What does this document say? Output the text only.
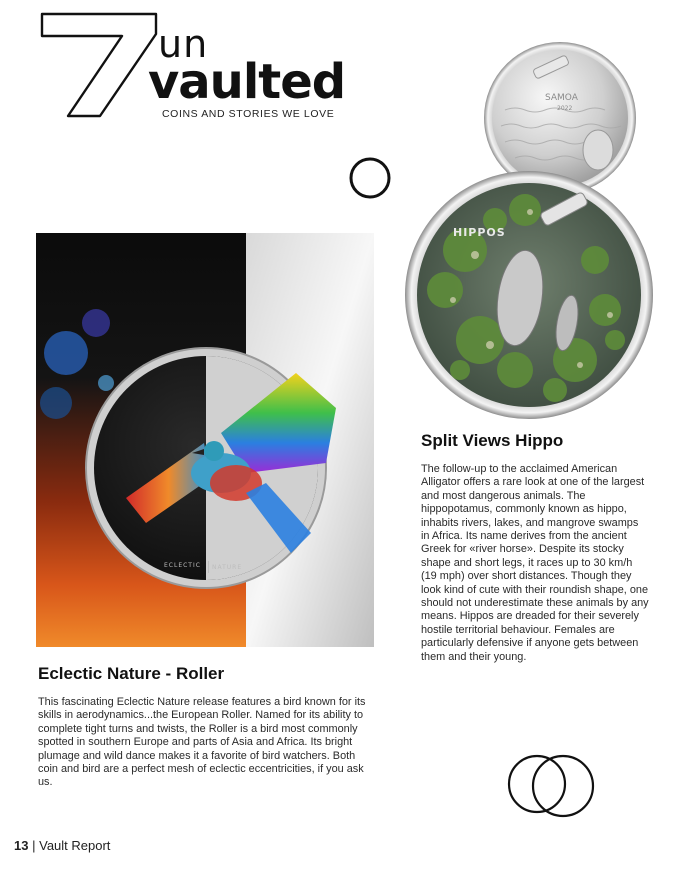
un
vaulted
COINS AND STORIES WE LOVE
SAMOA
2022
HIPPOS
ECLECTIC NATURE
Split Views Hippo
The follow-up to the acclaimed American Alligator offers a rare look at one of the largest and most dangerous animals. The hippopotamus, commonly known as hippo, inhabits rivers, lakes, and mangrove swamps in Africa. Its name derives from the ancient Greek for «river horse». Despite its stocky shape and short legs, it races up to 30 km/h (19 mph) over short distances. Though they look kind of cute with their roundish shape, one should not underestimate these animals by any means. Hippos are dreaded for their severely hostile territorial behaviour. Females are particularly defensive if anyone gets between them and their young.
Eclectic Nature - Roller
This fascinating Eclectic Nature release features a bird known for its skills in aerodynamics...the European Roller. Named for its ability to complete tight turns and twists, the Roller is a bird most commonly spotted in southern Europe and parts of Asia and Africa. Its bright plumage and wild dance makes it a favorite of bird watchers. Both coin and bird are a perfect mesh of eclectic eccentricities, if you ask us.
13 | Vault Report
